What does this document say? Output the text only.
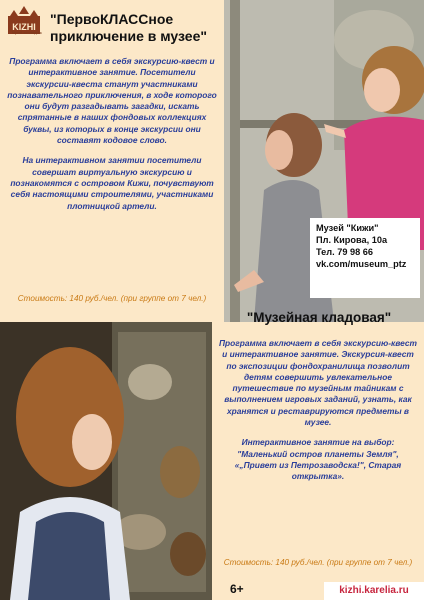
KIZHI
Музей-заповедник
"ПервоКЛАССное приключение в музее"

Программа включает в себя экскурсию-квест и интерактивное занятие. Посетители экскурсии-квеста станут участниками познавательного приключения, в ходе которого они будут разгадывать загадки, искать спрятанные в наших фондовых коллекциях буквы, из которых в конце экскурсии они составят кодовое слово.

На интерактивном занятии посетители совершат виртуальную экскурсию и познакомятся с островом Кижи, почувствуют себя настоящими строителями, участниками плотницкой артели.

Стоимость: 140 руб./чел. (при группе от 7 чел.)
Музей "Кижи"
Пл. Кирова, 10а
Тел. 79 98 66
vk.com/museum_ptz
"Музейная кладовая"

Программа включает в себя экскурсию-квест и интерактивное занятие. Экскурсия-квест по экспозиции фондохранилища позволит детям совершить увлекательное путешествие по музейным тайникам с выполнением игровых заданий, узнать, как хранятся и реставрируются предметы в музее.

Интерактивное занятие на выбор: "Маленький остров планеты Земля", «„Привет из Петрозаводска!", Старая открытка».

Стоимость: 140 руб./чел. (при группе от 7 чел.)
6+	kizhi.karelia.ru
